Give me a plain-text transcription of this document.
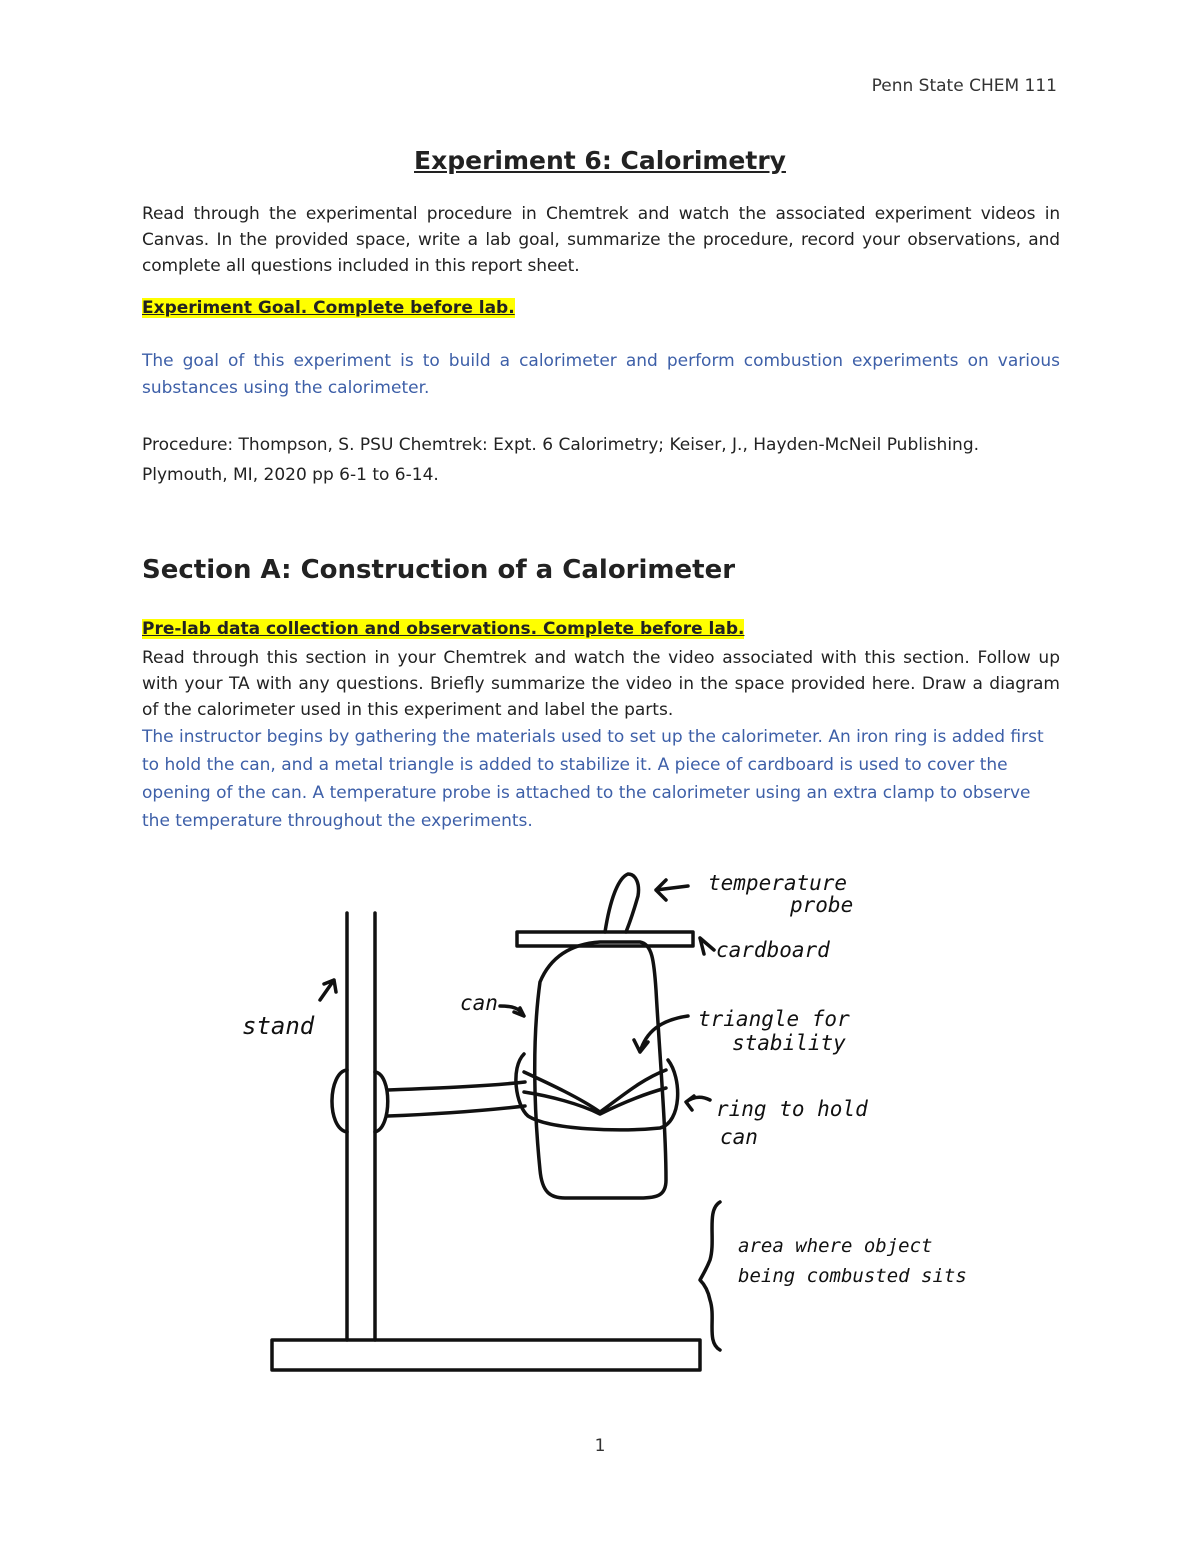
Penn State CHEM 111
Experiment 6: Calorimetry
Read through the experimental procedure in Chemtrek and watch the associated experiment videos in Canvas. In the provided space, write a lab goal, summarize the procedure, record your observations, and complete all questions included in this report sheet.
Experiment Goal. Complete before lab.
The goal of this experiment is to build a calorimeter and perform combustion experiments on various substances using the calorimeter.
Procedure: Thompson, S. PSU Chemtrek: Expt. 6 Calorimetry; Keiser, J., Hayden-McNeil Publishing.
Plymouth, MI, 2020 pp 6-1 to 6-14.
Section A: Construction of a Calorimeter
Pre-lab data collection and observations. Complete before lab.
Read through this section in your Chemtrek and watch the video associated with this section. Follow up with your TA with any questions. Briefly summarize the video in the space provided here. Draw a diagram of the calorimeter used in this experiment and label the parts.
The instructor begins by gathering the materials used to set up the calorimeter. An iron ring is added first to hold the can, and a metal triangle is added to stabilize it. A piece of cardboard is used to cover the opening of the can. A temperature probe is attached to the calorimeter using an extra clamp to observe the temperature throughout the experiments.
temperature
probe
cardboard
stand
can
triangle for
stability
ring to hold
can
area where object
being combusted sits
1
